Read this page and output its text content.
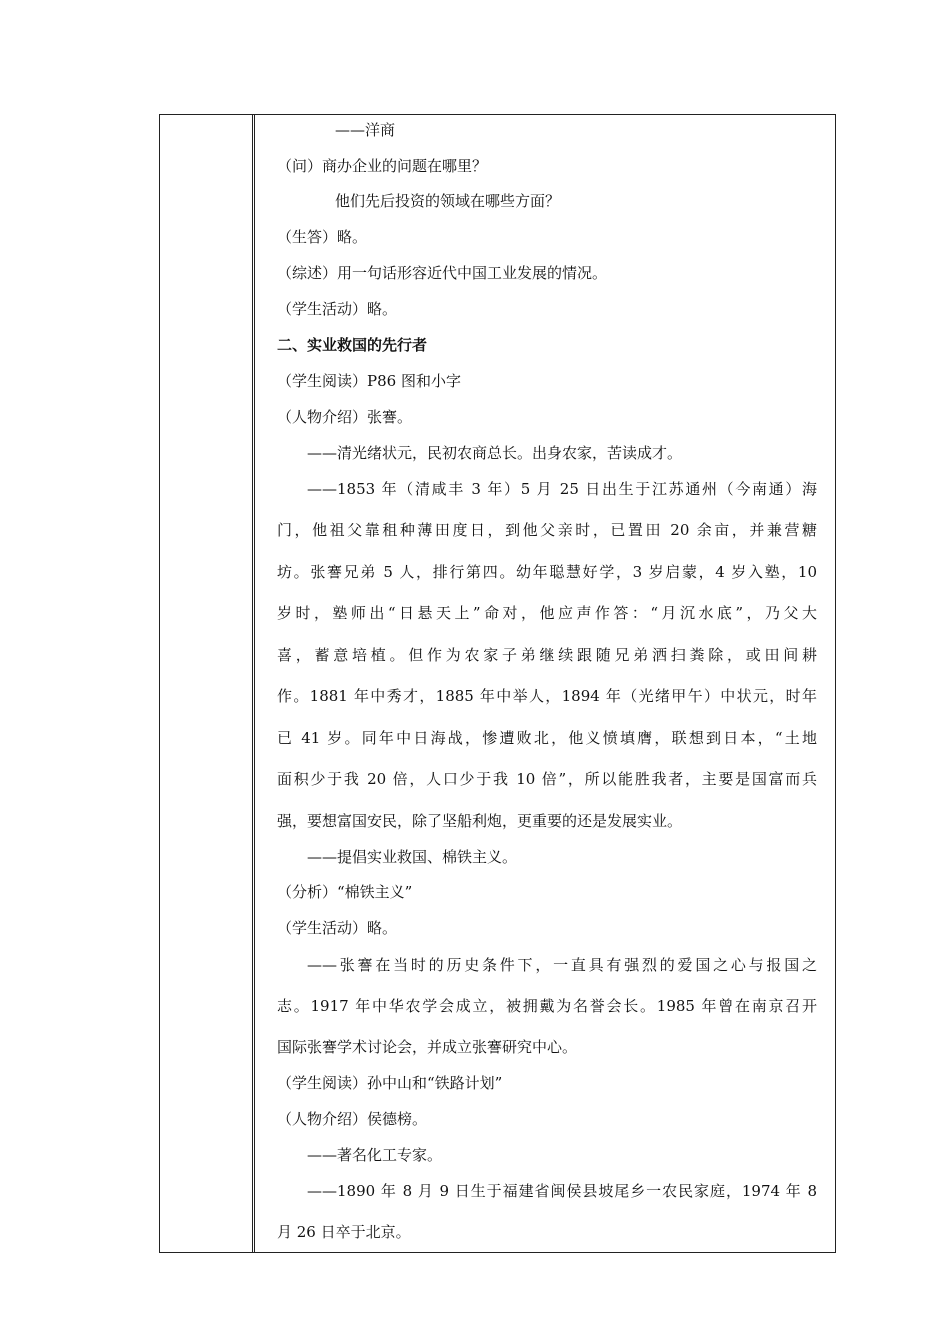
——洋商
（问）商办企业的问题在哪里？
他们先后投资的领域在哪些方面？
（生答）略。
（综述）用一句话形容近代中国工业发展的情况。
（学生活动）略。
二、实业救国的先行者
（学生阅读）P86 图和小字
（人物介绍）张謇。
——清光绪状元，民初农商总长。出身农家，苦读成才。
——1853 年（清咸丰 3 年）5 月 25 日出生于江苏通州（今南通）海
门，他祖父靠租种薄田度日，到他父亲时，已置田 20 余亩，并兼营糖
坊。张謇兄弟 5 人，排行第四。幼年聪慧好学，3 岁启蒙，4 岁入塾，10
岁时，塾师出“日悬天上”命对，他应声作答：“月沉水底”，乃父大
喜，蓄意培植。但作为农家子弟继续跟随兄弟洒扫粪除，或田间耕
作。1881 年中秀才，1885 年中举人，1894 年（光绪甲午）中状元，时年
已 41 岁。同年中日海战，惨遭败北，他义愤填膺，联想到日本，“土地
面积少于我 20 倍，人口少于我 10 倍”，所以能胜我者，主要是国富而兵
强，要想富国安民，除了坚船利炮，更重要的还是发展实业。
——提倡实业救国、棉铁主义。
（分析）“棉铁主义”
（学生活动）略。
——张謇在当时的历史条件下，一直具有强烈的爱国之心与报国之
志。1917 年中华农学会成立，被拥戴为名誉会长。1985 年曾在南京召开
国际张謇学术讨论会，并成立张謇研究中心。
（学生阅读）孙中山和“铁路计划”
（人物介绍）侯德榜。
——著名化工专家。
——1890 年 8 月 9 日生于福建省闽侯县坡尾乡一农民家庭，1974 年 8
月 26 日卒于北京。
